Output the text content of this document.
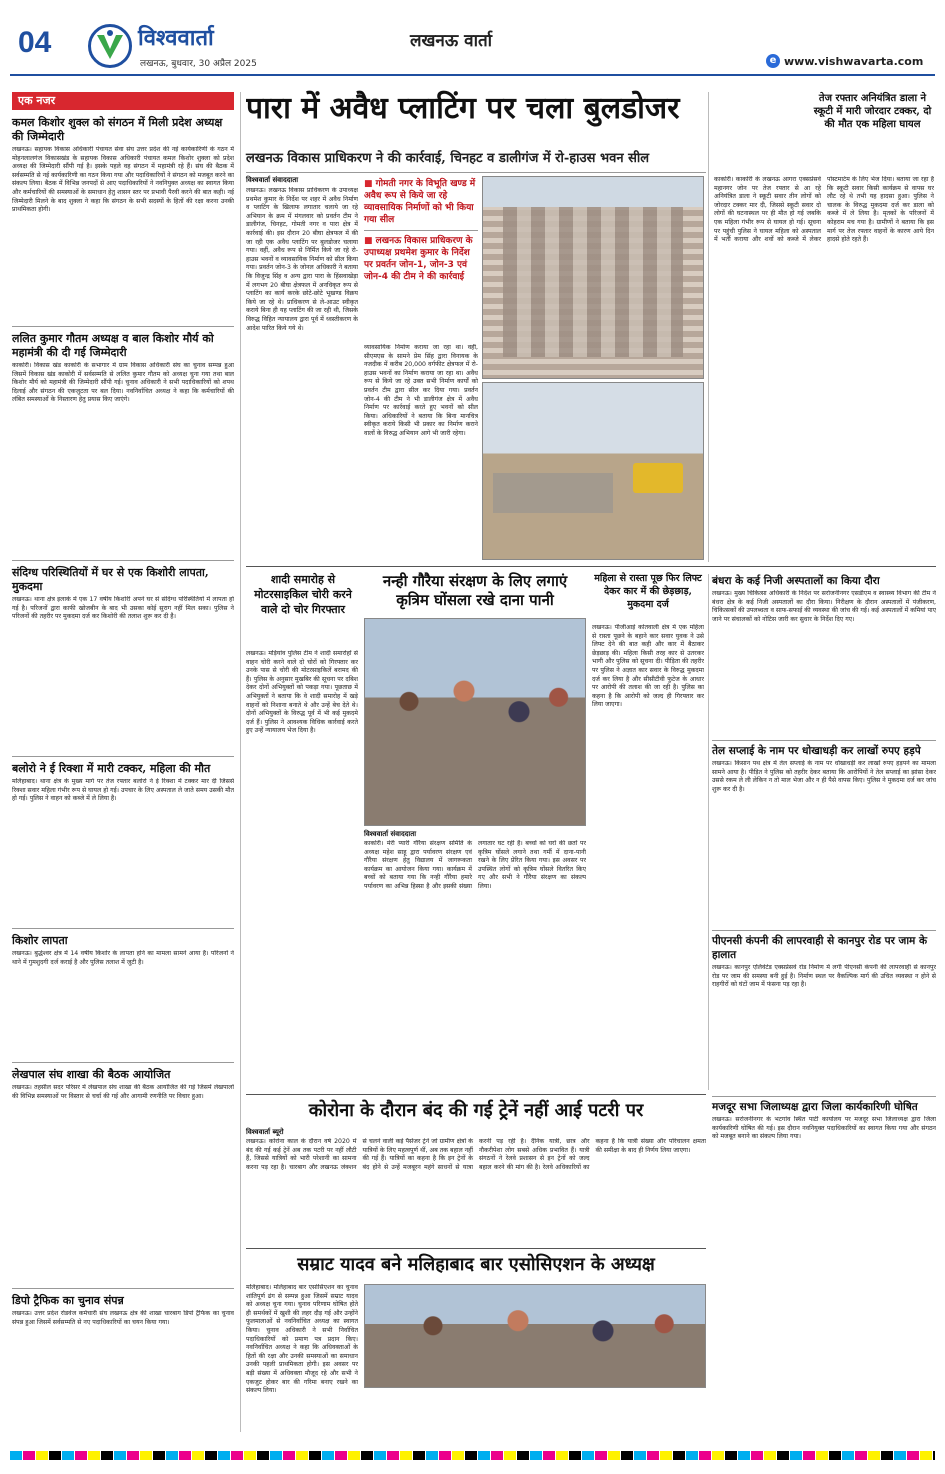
04	विश्ववार्ता
लखनऊ, बुधवार, 30 अप्रैल 2025
लखनऊ वार्ता
e www.vishwavarta.com
एक नजर
कमल किशोर शुक्ल को संगठन में मिली प्रदेश अध्यक्ष की जिम्मेदारी
लखनऊ। सहायक विकास अधिकारी पंचायत सेवा संघ उत्तर प्रदेश की नई कार्यकारिणी के गठन में मोहनलालगंज विकासखंड के सहायक विकास अधिकारी पंचायत कमल किशोर शुक्ला को प्रदेश अध्यक्ष की जिम्मेदारी सौंपी गई है। इसके पहले वह संगठन में महामंत्री रहे हैं। संघ की बैठक में सर्वसम्मति से नई कार्यकारिणी का गठन किया गया और पदाधिकारियों ने संगठन को मजबूत करने का संकल्प लिया। बैठक में विभिन्न जनपदों से आए पदाधिकारियों ने नवनियुक्त अध्यक्ष का स्वागत किया और कर्मचारियों की समस्याओं के समाधान हेतु शासन स्तर पर प्रभावी पैरवी करने की बात कही। नई जिम्मेदारी मिलने के बाद शुक्ला ने कहा कि संगठन के सभी सदस्यों के हितों की रक्षा करना उनकी प्राथमिकता होगी।
ललित कुमार गौतम अध्यक्ष व बाल किशोर मौर्य को महामंत्री की दी गई जिम्मेदारी
काकोरी। विकास खंड काकोरी के सभागार में ग्राम विकास अधिकारी संघ का चुनाव सम्पन्न हुआ जिसमें विकास खंड काकोरी में सर्वसम्मति से ललित कुमार गौतम को अध्यक्ष चुना गया तथा बाल किशोर मौर्य को महामंत्री की जिम्मेदारी सौंपी गई। चुनाव अधिकारी ने सभी पदाधिकारियों को शपथ दिलाई और संगठन की एकजुटता पर बल दिया। नवनिर्वाचित अध्यक्ष ने कहा कि कर्मचारियों की लंबित समस्याओं के निस्तारण हेतु प्रयास किए जाएंगे।
संदिग्ध परिस्थितियों में घर से एक किशोरी लापता, मुकदमा
लखनऊ। थाना क्षेत्र इलाके में एक 17 वर्षीय किशोरी अपने घर से संदिग्ध परिस्थितियों में लापता हो गई है। परिजनों द्वारा काफी खोजबीन के बाद भी उसका कोई सुराग नहीं मिल सका। पुलिस ने परिजनों की तहरीर पर मुकदमा दर्ज कर किशोरी की तलाश शुरू कर दी है।
बलोरो ने ई रिक्शा में मारी टक्कर, महिला की मौत
मलिहाबाद। थाना क्षेत्र के मुख्य मार्ग पर तेज रफ्तार बलोरो ने ई रिक्शा में टक्कर मार दी जिससे रिक्शा सवार महिला गंभीर रूप से घायल हो गई। उपचार के लिए अस्पताल ले जाते समय उसकी मौत हो गई। पुलिस ने वाहन को कब्जे में ले लिया है।
किशोर लापता
लखनऊ। बुद्धेश्वर क्षेत्र में 14 वर्षीय किशोर के लापता होने का मामला सामने आया है। परिजनों ने थाने में गुमशुदगी दर्ज कराई है और पुलिस तलाश में जुटी है।
लेखपाल संघ शाखा की बैठक आयोजित
लखनऊ। तहसील सदर परिसर में लेखपाल संघ शाखा की बैठक आयोजित की गई जिसमें लेखपालों की विभिन्न समस्याओं पर विस्तार से चर्चा की गई और आगामी रणनीति पर विचार हुआ।
डिपो ट्रैफिक का चुनाव संपन्न
लखनऊ। उत्तर प्रदेश रोडवेज कर्मचारी संघ लखनऊ क्षेत्र की शाखा चारबाग डिपो ट्रैफिक का चुनाव संपन्न हुआ जिसमें सर्वसम्मति से नए पदाधिकारियों का चयन किया गया।
पारा में अवैध प्लाटिंग पर चला बुलडोजर
लखनऊ विकास प्राधिकरण ने की कार्रवाई, चिनहट व डालीगंज में रो-हाउस भवन सील
विश्ववार्ता संवाददाता
लखनऊ। लखनऊ विकास प्राधिकरण के उपाध्यक्ष प्रथमेश कुमार के निर्देश पर शहर में अवैध निर्माण व प्लाटिंग के खिलाफ लगातार चलाये जा रहे अभियान के क्रम में मंगलवार को प्रवर्तन टीम ने डालीगंज, चिनहट, गोमती नगर व पारा क्षेत्र में कार्रवाई की। इस दौरान 20 बीघा क्षेत्रफल में की जा रही एक अवैध प्लाटिंग पर बुलडोजर चलाया गया। वहीं, अवैध रूप से निर्मित किये जा रहे रो-हाउस भवनों व व्यावसायिक निर्माण को सील किया गया। प्रवर्तन जोन-3 के जोनल अधिकारी ने बताया कि विजुन्द्र सिंह व अन्य द्वारा पारा के हिंसवाखेड़ा में लगभग 20 बीघा क्षेत्रफल में अनधिकृत रूप से प्लाटिंग का कार्य करके छोटे-छोटे भूखण्ड विक्रय किये जा रहे थे। प्राधिकरण से ले-आउट स्वीकृत कराये बिना ही यह प्लाटिंग की जा रही थी, जिसके विरुद्ध विहित न्यायालय द्वारा पूर्व में ध्वस्तीकरण के आदेश पारित किये गये थे।
■ गोमती नगर के विभूति खण्ड में अवैध रूप से किये जा रहे व्यावसायिक निर्माणों को भी किया गया सील
■ लखनऊ विकास प्राधिकरण के उपाध्यक्ष प्रथमेश कुमार के निर्देश पर प्रवर्तन जोन-1, जोन-3 एवं जोन-4 की टीम ने की कार्रवाई
व्यावसायिक निर्माण कराया जा रहा था। वहीं, सीएमएस के सामने प्रेम सिंह द्वारा विनायक के नजदीक में करीब 20,000 वर्गफीट क्षेत्रफल में रो-हाउस भवनों का निर्माण कराया जा रहा था। अवैध रूप से किये जा रहे उक्त सभी निर्माण कार्यों को प्रवर्तन टीम द्वारा सील कर दिया गया। प्रवर्तन जोन-4 की टीम ने भी डालीगंज क्षेत्र में अवैध निर्माण पर कार्रवाई करते हुए भवनों को सील किया। अधिकारियों ने बताया कि बिना मानचित्र स्वीकृत कराये किसी भी प्रकार का निर्माण कराने वालों के विरुद्ध अभियान आगे भी जारी रहेगा।
तेज रफ्तार अनियंत्रित डाला ने स्कूटी में मारी जोरदार टक्कर, दो की मौत एक महिला घायल
काकोरी। काकोरी के लखनऊ आगरा एक्सप्रेसवे महानगर जोन पर तेज रफ्तार से आ रहे अनियंत्रित डाला ने स्कूटी सवार तीन लोगों को जोरदार टक्कर मार दी, जिससे स्कूटी सवार दो लोगों की घटनास्थल पर ही मौत हो गई जबकि एक महिला गंभीर रूप से घायल हो गई। सूचना पर पहुंची पुलिस ने घायल महिला को अस्पताल में भर्ती कराया और शवों को कब्जे में लेकर पोस्टमार्टम के लिए भेज दिया। बताया जा रहा है कि स्कूटी सवार किसी कार्यक्रम से वापस घर लौट रहे थे तभी यह हादसा हुआ। पुलिस ने चालक के विरुद्ध मुकदमा दर्ज कर डाला को कब्जे में ले लिया है। मृतकों के परिजनों में कोहराम मच गया है। ग्रामीणों ने बताया कि इस मार्ग पर तेज रफ्तार वाहनों के कारण आये दिन हादसे होते रहते हैं।
शादी समारोह से मोटरसाइकिल चोरी करने वाले दो चोर गिरफ्तार
लखनऊ। मड़ियांव पुलिस टीम ने शादी समारोहों से वाहन चोरी करने वाले दो चोरों को गिरफ्तार कर उनके पास से चोरी की मोटरसाइकिलें बरामद की हैं। पुलिस के अनुसार मुखबिर की सूचना पर दबिश देकर दोनों अभियुक्तों को पकड़ा गया। पूछताछ में अभियुक्तों ने बताया कि वे शादी समारोह में खड़े वाहनों को निशाना बनाते थे और उन्हें बेच देते थे। दोनों अभियुक्तों के विरुद्ध पूर्व में भी कई मुकदमे दर्ज हैं। पुलिस ने आवश्यक विधिक कार्रवाई करते हुए उन्हें न्यायालय भेज दिया है।
नन्ही गौरैया संरक्षण के लिए लगाएं कृत्रिम घोंसला रखे दाना पानी
विश्ववार्ता संवाददाता
काकोरी। मेरी प्यारी गौरैया संरक्षण समिति के अध्यक्ष महेश साहू द्वारा पर्यावरण संरक्षण एवं गौरैया संरक्षण हेतु विद्यालय में जागरूकता कार्यक्रम का आयोजन किया गया। कार्यक्रम में बच्चों को बताया गया कि नन्ही गौरैया हमारे पर्यावरण का अभिन्न हिस्सा है और इसकी संख्या लगातार घट रही है। बच्चों को घरों की छतों पर कृत्रिम घोंसले लगाने तथा गर्मी में दाना-पानी रखने के लिए प्रेरित किया गया। इस अवसर पर उपस्थित लोगों को कृत्रिम घोंसले वितरित किए गए और सभी ने गौरैया संरक्षण का संकल्प लिया।
महिला से रास्ता पूछ फिर लिफ्ट देकर कार में की छेड़छाड़, मुकदमा दर्ज
लखनऊ। पीजीआई कोतवाली क्षेत्र में एक महिला से रास्ता पूछने के बहाने कार सवार युवक ने उसे लिफ्ट देने की बात कही और कार में बैठाकर छेड़छाड़ की। महिला किसी तरह कार से उतरकर भागी और पुलिस को सूचना दी। पीड़िता की तहरीर पर पुलिस ने अज्ञात कार सवार के विरुद्ध मुकदमा दर्ज कर लिया है और सीसीटीवी फुटेज के आधार पर आरोपी की तलाश की जा रही है। पुलिस का कहना है कि आरोपी को जल्द ही गिरफ्तार कर लिया जाएगा।
बंधरा के कई निजी अस्पतालों का किया दौरा
लखनऊ। मुख्य चिकित्सा अधिकारी के निर्देश पर सरोजनीनगर एसडीएम व स्वास्थ्य विभाग की टीम ने बंधरा क्षेत्र के कई निजी अस्पतालों का दौरा किया। निरीक्षण के दौरान अस्पतालों में पंजीकरण, चिकित्सकों की उपलब्धता व साफ-सफाई की व्यवस्था की जांच की गई। कई अस्पतालों में कमियां पाए जाने पर संचालकों को नोटिस जारी कर सुधार के निर्देश दिए गए।
तेल सप्लाई के नाम पर धोखाधड़ी कर लाखों रुपए हड़पे
लखनऊ। किसान पथ क्षेत्र में तेल सप्लाई के नाम पर धोखाधड़ी कर लाखों रुपए हड़पने का मामला सामने आया है। पीड़ित ने पुलिस को तहरीर देकर बताया कि आरोपियों ने तेल सप्लाई का झांसा देकर उससे रकम ले ली लेकिन न तो माल भेजा और न ही पैसे वापस किए। पुलिस ने मुकदमा दर्ज कर जांच शुरू कर दी है।
पीएनसी कंपनी की लापरवाही से कानपुर रोड पर जाम के हालात
लखनऊ। कानपुर एलिवेटेड एक्सप्रेसवे रोड निर्माण में लगी पीएनसी कंपनी की लापरवाही से कानपुर रोड पर जाम की समस्या बनी हुई है। निर्माण स्थल पर वैकल्पिक मार्ग की उचित व्यवस्था न होने से राहगीरों को घंटों जाम में फंसना पड़ रहा है।
कोरोना के दौरान बंद की गई ट्रेनें नहीं आई पटरी पर
विश्ववार्ता ब्यूरो
लखनऊ। कोरोना काल के दौरान वर्ष 2020 में बंद की गई कई ट्रेनें अब तक पटरी पर नहीं लौटी हैं, जिससे यात्रियों को भारी परेशानी का सामना करना पड़ रहा है। चारबाग और लखनऊ जंक्शन से चलने वाली कई पैसेंजर ट्रेनें जो ग्रामीण क्षेत्रों के यात्रियों के लिए महत्वपूर्ण थीं, अब तक बहाल नहीं की गई हैं। यात्रियों का कहना है कि इन ट्रेनों के बंद होने से उन्हें मजबूरन महंगे साधनों से यात्रा करनी पड़ रही है। दैनिक यात्री, छात्र और नौकरीपेशा लोग सबसे अधिक प्रभावित हैं। यात्री संगठनों ने रेलवे प्रशासन से इन ट्रेनों को जल्द बहाल करने की मांग की है। रेलवे अधिकारियों का कहना है कि यात्री संख्या और परिचालन क्षमता की समीक्षा के बाद ही निर्णय लिया जाएगा।
मजदूर सभा जिलाध्यक्ष द्वारा जिला कार्यकारिणी घोषित
लखनऊ। सरोजनीनगर के भटगांव स्थित पार्टी कार्यालय पर मजदूर सभा जिलाध्यक्ष द्वारा जिला कार्यकारिणी घोषित की गई। इस दौरान नवनियुक्त पदाधिकारियों का स्वागत किया गया और संगठन को मजबूत बनाने का संकल्प लिया गया।
सम्राट यादव बने मलिहाबाद बार एसोसिएशन के अध्यक्ष
मलिहाबाद। मलिहाबाद बार एसोसिएशन का चुनाव शांतिपूर्ण ढंग से सम्पन्न हुआ जिसमें सम्राट यादव को अध्यक्ष चुना गया। चुनाव परिणाम घोषित होते ही समर्थकों में खुशी की लहर दौड़ गई और उन्होंने फूलमालाओं से नवनिर्वाचित अध्यक्ष का स्वागत किया। चुनाव अधिकारी ने सभी निर्वाचित पदाधिकारियों को प्रमाण पत्र प्रदान किए। नवनिर्वाचित अध्यक्ष ने कहा कि अधिवक्ताओं के हितों की रक्षा और उनकी समस्याओं का समाधान उनकी पहली प्राथमिकता होगी। इस अवसर पर बड़ी संख्या में अधिवक्ता मौजूद रहे और सभी ने एकजुट होकर बार की गरिमा बनाए रखने का संकल्प लिया।
